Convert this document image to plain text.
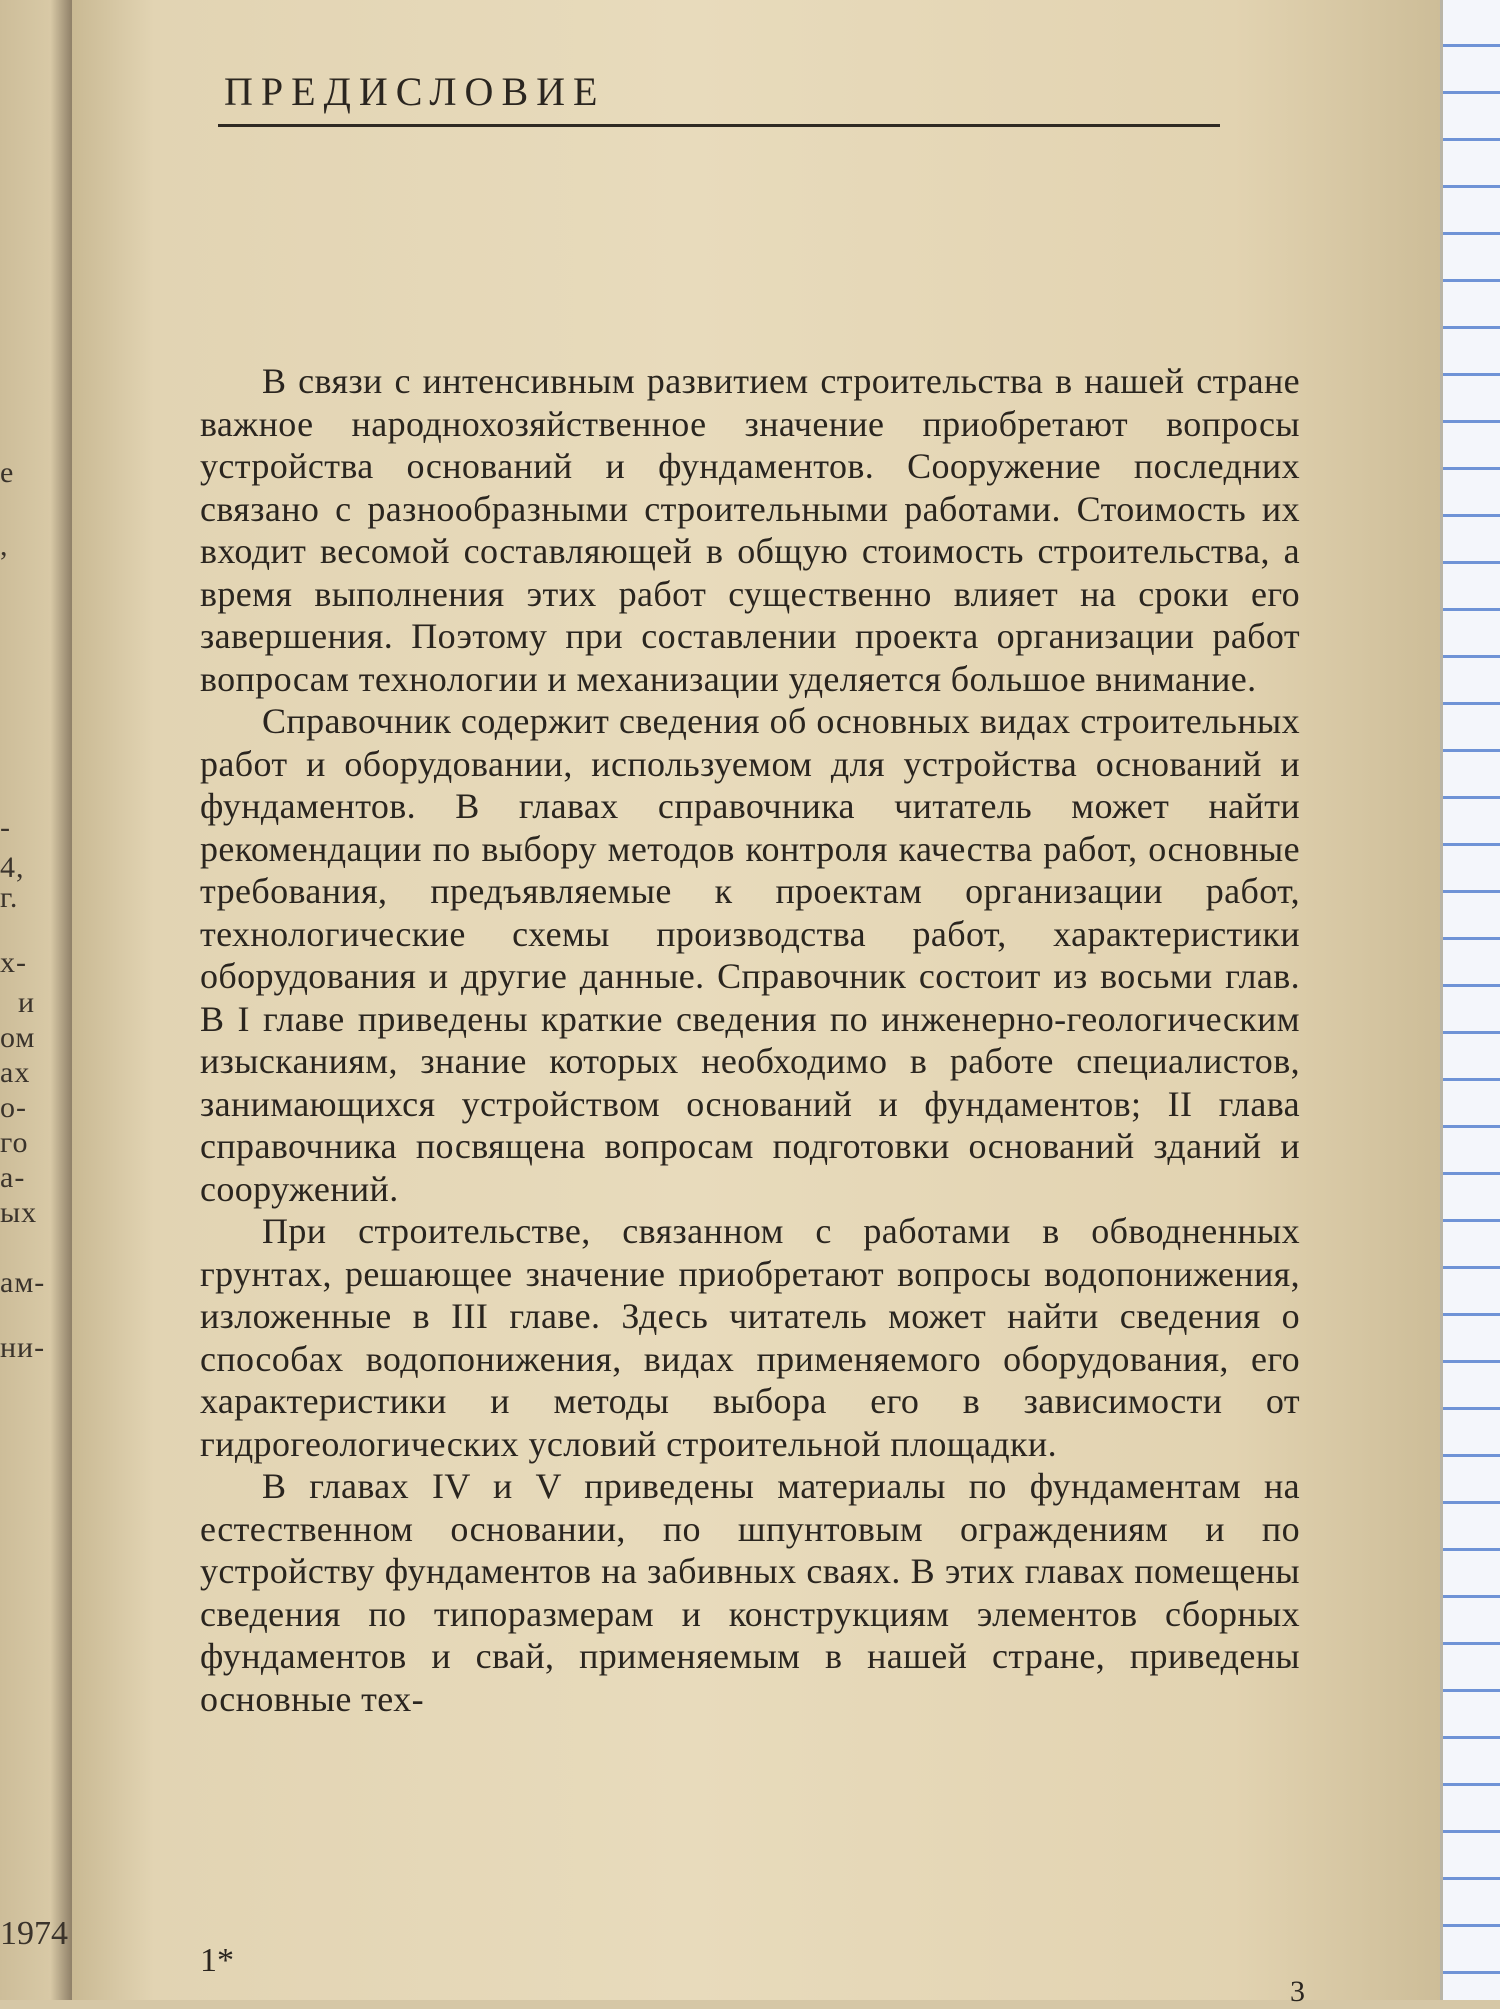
e
,
-
4,
г.
х-
и
ом
ах
о-
го
а-
ых
ам-
ни-
1974
ПРЕДИСЛОВИЕ

В связи с интенсивным развитием строительства в нашей стране важное народнохозяйственное значение приобретают вопросы устройства оснований и фундаментов. Сооружение последних связано с разнообразными строительными работами. Стоимость их входит весомой составляющей в общую стоимость строительства, а время выполнения этих работ существенно влияет на сроки его завершения. Поэтому при составлении проекта организации работ вопросам технологии и механизации уделяется большое внимание.

Справочник содержит сведения об основных видах строительных работ и оборудовании, используемом для устройства оснований и фундаментов. В главах справочника читатель может найти рекомендации по выбору методов контроля качества работ, основные требования, предъявляемые к проектам организации работ, технологические схемы производства работ, характеристики оборудования и другие данные. Справочник состоит из восьми глав. В I главе приведены краткие сведения по инженерно-геологическим изысканиям, знание которых необходимо в работе специалистов, занимающихся устройством оснований и фундаментов; II глава справочника посвящена вопросам подготовки оснований зданий и сооружений.

При строительстве, связанном с работами в обводненных грунтах, решающее значение приобретают вопросы водопонижения, изложенные в III главе. Здесь читатель может найти сведения о способах водопонижения, видах применяемого оборудования, его характеристики и методы выбора его в зависимости от гидрогеологических условий строительной площадки.

В главах IV и V приведены материалы по фундаментам на естественном основании, по шпунтовым ограждениям и по устройству фундаментов на забивных сваях. В этих главах помещены сведения по типоразмерам и конструкциям элементов сборных фундаментов и свай, применяемым в нашей стране, приведены основные тех-

1*
3
